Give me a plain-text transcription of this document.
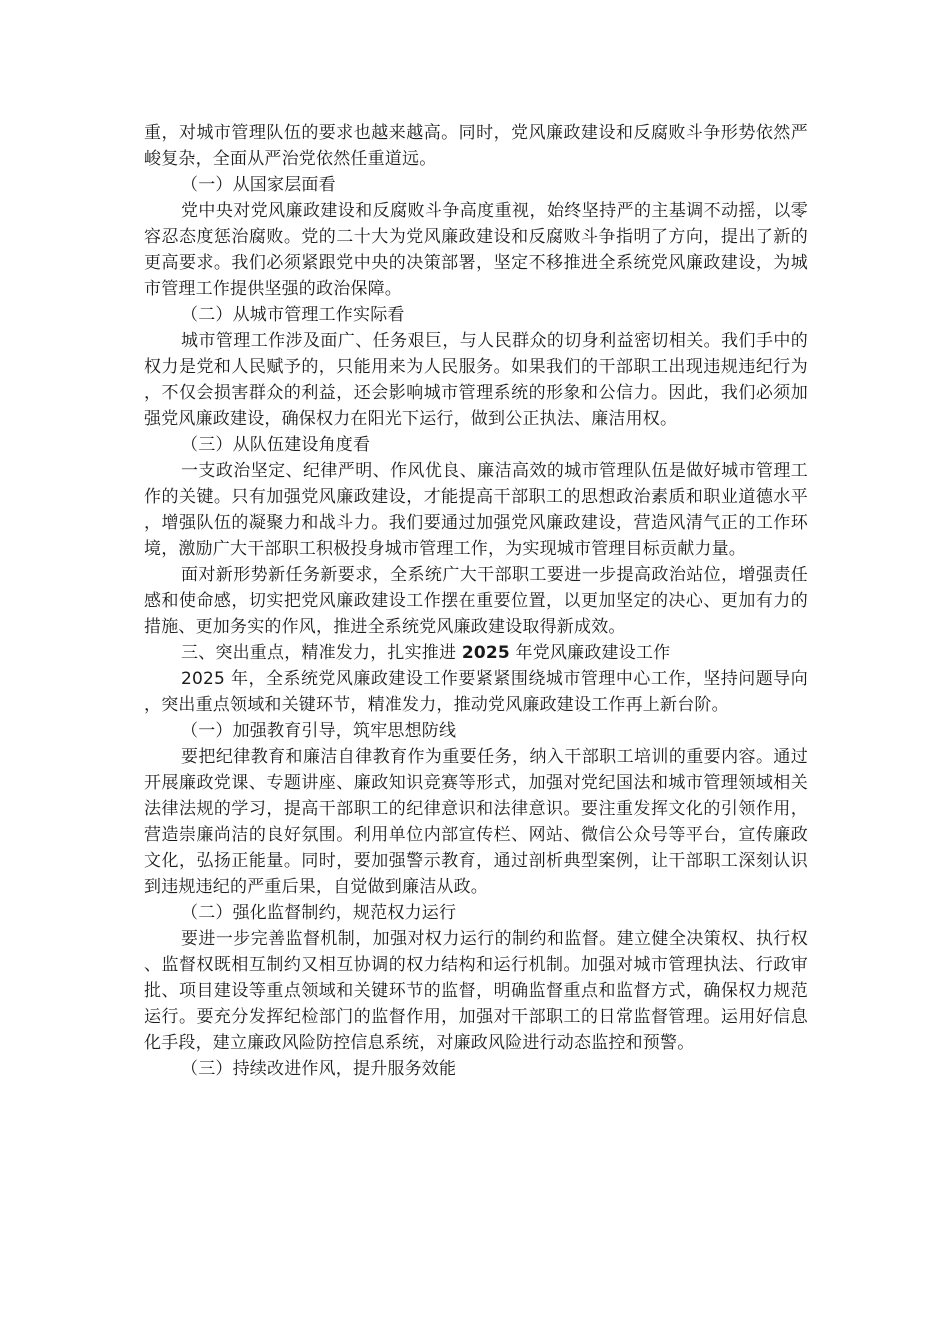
重，对城市管理队伍的要求也越来越高。同时，党风廉政建设和反腐败斗争形势依然严峻复杂，全面从严治党依然任重道远。

（一）从国家层面看

党中央对党风廉政建设和反腐败斗争高度重视，始终坚持严的主基调不动摇，以零容忍态度惩治腐败。党的二十大为党风廉政建设和反腐败斗争指明了方向，提出了新的更高要求。我们必须紧跟党中央的决策部署，坚定不移推进全系统党风廉政建设，为城市管理工作提供坚强的政治保障。

（二）从城市管理工作实际看

城市管理工作涉及面广、任务艰巨，与人民群众的切身利益密切相关。我们手中的权力是党和人民赋予的，只能用来为人民服务。如果我们的干部职工出现违规违纪行为，不仅会损害群众的利益，还会影响城市管理系统的形象和公信力。因此，我们必须加强党风廉政建设，确保权力在阳光下运行，做到公正执法、廉洁用权。

（三）从队伍建设角度看

一支政治坚定、纪律严明、作风优良、廉洁高效的城市管理队伍是做好城市管理工作的关键。只有加强党风廉政建设，才能提高干部职工的思想政治素质和职业道德水平，增强队伍的凝聚力和战斗力。我们要通过加强党风廉政建设，营造风清气正的工作环境，激励广大干部职工积极投身城市管理工作，为实现城市管理目标贡献力量。

面对新形势新任务新要求，全系统广大干部职工要进一步提高政治站位，增强责任感和使命感，切实把党风廉政建设工作摆在重要位置，以更加坚定的决心、更加有力的措施、更加务实的作风，推进全系统党风廉政建设取得新成效。

三、突出重点，精准发力，扎实推进 2025 年党风廉政建设工作

2025 年，全系统党风廉政建设工作要紧紧围绕城市管理中心工作，坚持问题导向，突出重点领域和关键环节，精准发力，推动党风廉政建设工作再上新台阶。

（一）加强教育引导，筑牢思想防线

要把纪律教育和廉洁自律教育作为重要任务，纳入干部职工培训的重要内容。通过开展廉政党课、专题讲座、廉政知识竞赛等形式，加强对党纪国法和城市管理领域相关法律法规的学习，提高干部职工的纪律意识和法律意识。要注重发挥文化的引领作用，营造崇廉尚洁的良好氛围。利用单位内部宣传栏、网站、微信公众号等平台，宣传廉政文化，弘扬正能量。同时，要加强警示教育，通过剖析典型案例，让干部职工深刻认识到违规违纪的严重后果，自觉做到廉洁从政。

（二）强化监督制约，规范权力运行

要进一步完善监督机制，加强对权力运行的制约和监督。建立健全决策权、执行权、监督权既相互制约又相互协调的权力结构和运行机制。加强对城市管理执法、行政审批、项目建设等重点领域和关键环节的监督，明确监督重点和监督方式，确保权力规范运行。要充分发挥纪检部门的监督作用，加强对干部职工的日常监督管理。运用好信息化手段，建立廉政风险防控信息系统，对廉政风险进行动态监控和预警。

（三）持续改进作风，提升服务效能
